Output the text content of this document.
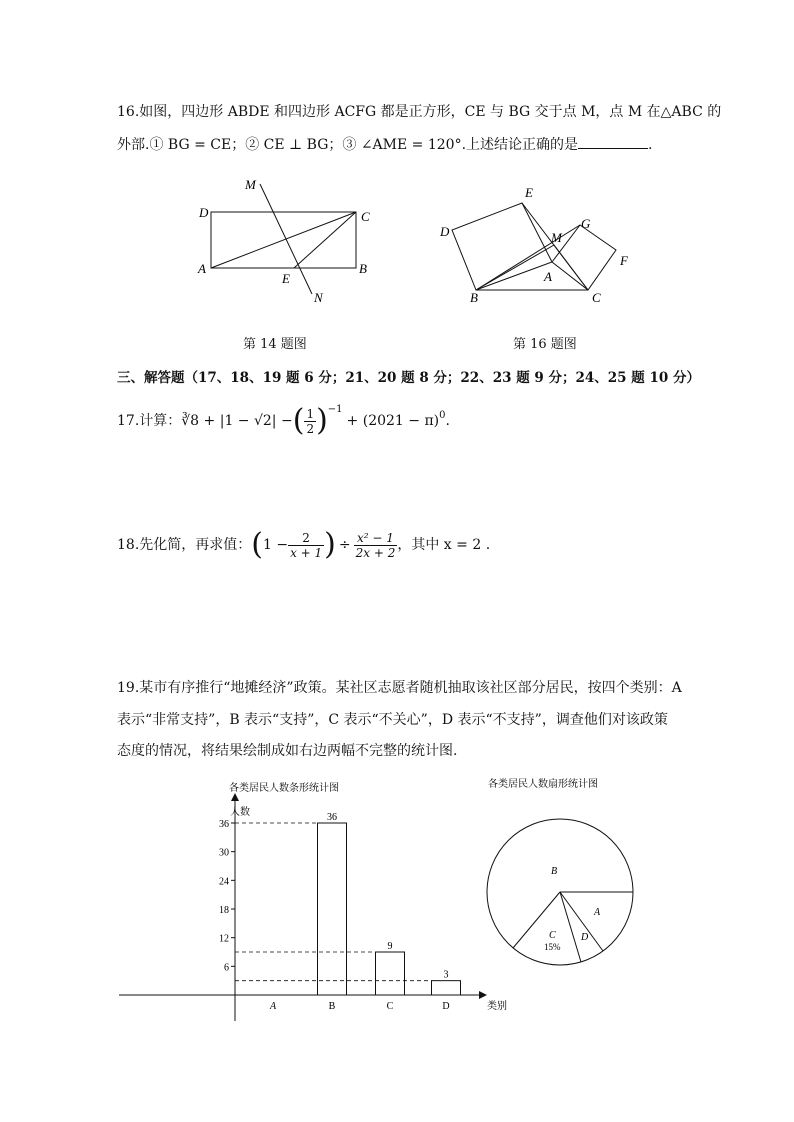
16.如图，四边形 ABDE 和四边形 ACFG 都是正方形，CE 与 BG 交于点 M，点 M 在△ABC 的
外部.① BG = CE；② CE ⊥ BG；③ ∠AME = 120°.上述结论正确的是	.
M
D	C
A
E
B
N
第 14 题图
E
D
G
M
F
A
B	C
第 16 题图
三、解答题（17、18、19 题 6 分；21、20 题 8 分；22、23 题 9 分；24、25 题 10 分）
17.计算： ∛8 + |1 − √2| − ( $\frac{1}{2} )^{-1}$
+ $(2021 - \pi)^0$ .
18.先化简，再求值： ( $1 - \frac{2}{x + 1}$ ) ÷ $\frac{\text{x² − 1}}{2x + 2}$ ，其中 x = 2 .
19.某市有序推行“地摊经济”政策。某社区志愿者随机抽取该社区部分居民，按四个类别：A
表示“非常支持”，B 表示“支持”，C 表示“不关心”，D 表示“不支持”，调查他们对该政策
态度的情况，将结果绘制成如右边两幅不完整的统计图.
各类居民人数条形统计图
人数
类别
6
12
18
24
30
36
36
9
3
A	B	C	D
各类居民人数扇形统计图
B
A
D
C
15%
